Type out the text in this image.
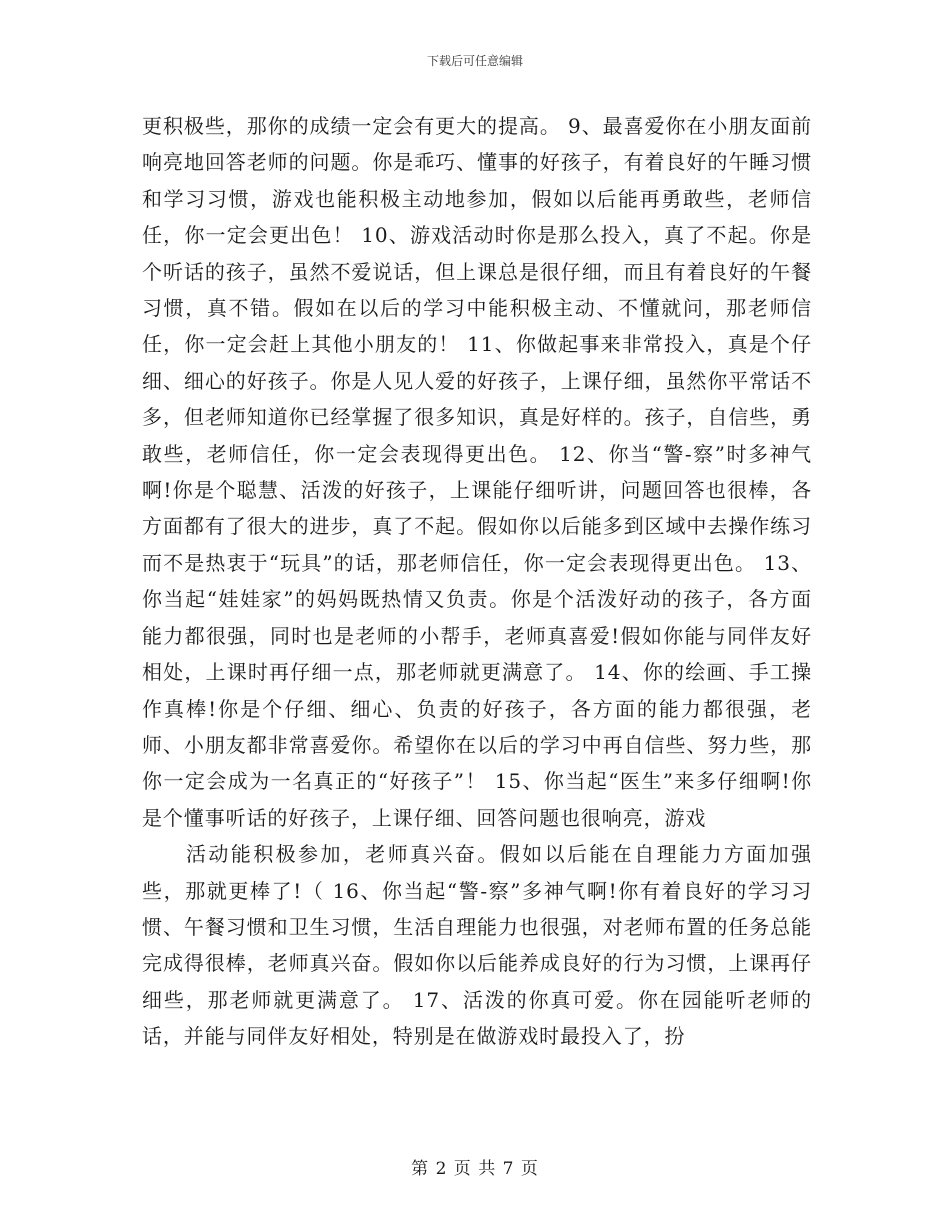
下载后可任意编辑

更积极些，那你的成绩一定会有更大的提高。 9、最喜爱你在小朋友面前响亮地回答老师的问题。你是乖巧、懂事的好孩子，有着良好的午睡习惯和学习习惯，游戏也能积极主动地参加，假如以后能再勇敢些，老师信任，你一定会更出色！ 10、游戏活动时你是那么投入，真了不起。你是个听话的孩子，虽然不爱说话，但上课总是很仔细，而且有着良好的午餐习惯，真不错。假如在以后的学习中能积极主动、不懂就问，那老师信任，你一定会赶上其他小朋友的！ 11、你做起事来非常投入，真是个仔细、细心的好孩子。你是人见人爱的好孩子，上课仔细，虽然你平常话不多，但老师知道你已经掌握了很多知识，真是好样的。孩子，自信些，勇敢些，老师信任，你一定会表现得更出色。 12、你当“警-察”时多神气啊!你是个聪慧、活泼的好孩子，上课能仔细听讲，问题回答也很棒，各方面都有了很大的进步，真了不起。假如你以后能多到区域中去操作练习而不是热衷于“玩具”的话，那老师信任，你一定会表现得更出色。 13、你当起“娃娃家”的妈妈既热情又负责。你是个活泼好动的孩子，各方面能力都很强，同时也是老师的小帮手，老师真喜爱!假如你能与同伴友好相处，上课时再仔细一点，那老师就更满意了。 14、你的绘画、手工操作真棒!你是个仔细、细心、负责的好孩子，各方面的能力都很强，老师、小朋友都非常喜爱你。希望你在以后的学习中再自信些、努力些，那你一定会成为一名真正的“好孩子”！ 15、你当起“医生”来多仔细啊!你是个懂事听话的好孩子，上课仔细、回答问题也很响亮，游戏

活动能积极参加，老师真兴奋。假如以后能在自理能力方面加强些，那就更棒了!（ 16、你当起“警-察”多神气啊!你有着良好的学习习惯、午餐习惯和卫生习惯，生活自理能力也很强，对老师布置的任务总能完成得很棒，老师真兴奋。假如你以后能养成良好的行为习惯，上课再仔细些，那老师就更满意了。 17、活泼的你真可爱。你在园能听老师的话，并能与同伴友好相处，特别是在做游戏时最投入了，扮

第 2 页 共 7 页
